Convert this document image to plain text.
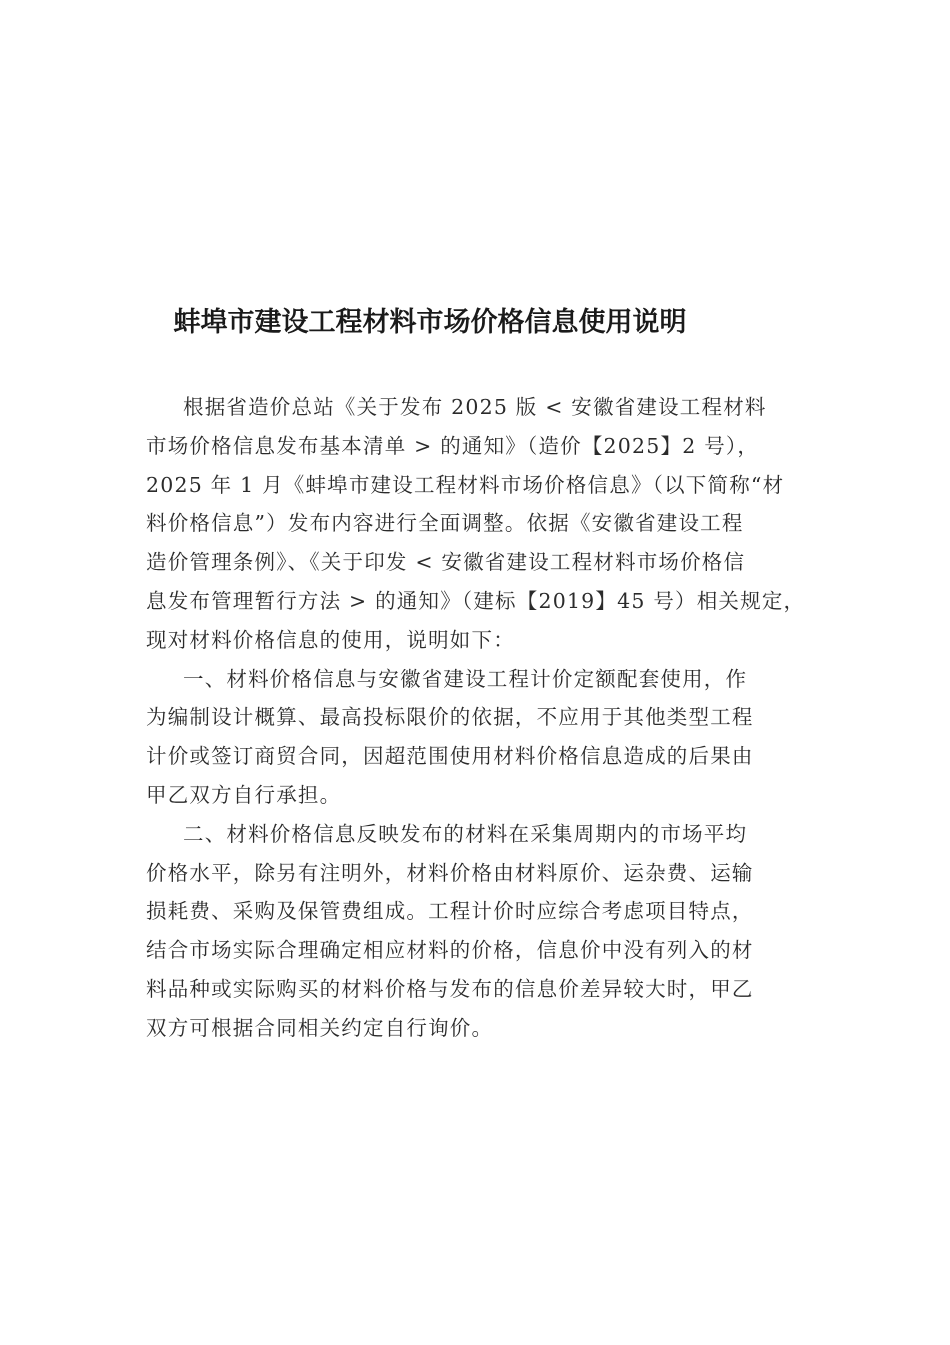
蚌埠市建设工程材料市场价格信息使用说明
根据省造价总站《关于发布 2025 版 < 安徽省建设工程材料
市场价格信息发布基本清单 > 的通知》（造价【2025】2 号），
2025 年 1 月《蚌埠市建设工程材料市场价格信息》（以下简称“材
料价格信息”）发布内容进行全面调整。依据《安徽省建设工程
造价管理条例》、《关于印发 < 安徽省建设工程材料市场价格信
息发布管理暂行方法 > 的通知》（建标【2019】45 号）相关规定，
现对材料价格信息的使用，说明如下：
一、材料价格信息与安徽省建设工程计价定额配套使用，作
为编制设计概算、最高投标限价的依据，不应用于其他类型工程
计价或签订商贸合同，因超范围使用材料价格信息造成的后果由
甲乙双方自行承担。
二、材料价格信息反映发布的材料在采集周期内的市场平均
价格水平，除另有注明外，材料价格由材料原价、运杂费、运输
损耗费、采购及保管费组成。工程计价时应综合考虑项目特点，
结合市场实际合理确定相应材料的价格，信息价中没有列入的材
料品种或实际购买的材料价格与发布的信息价差异较大时，甲乙
双方可根据合同相关约定自行询价。
